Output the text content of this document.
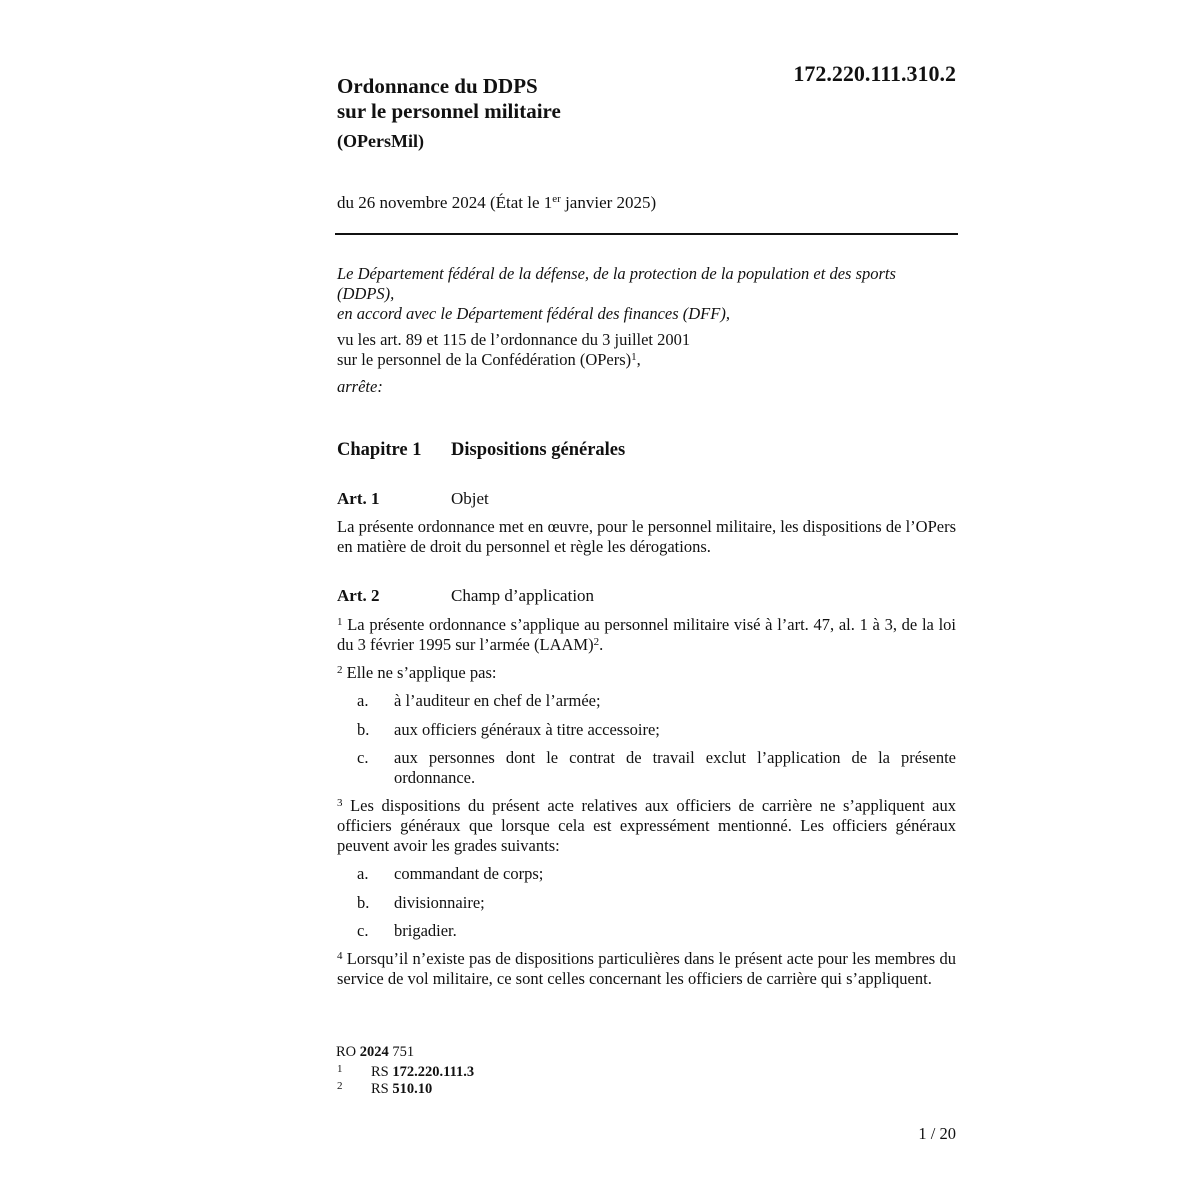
172.220.111.310.2
Ordonnance du DDPS
sur le personnel militaire
(OPersMil)
du 26 novembre 2024 (État le 1er janvier 2025)
Le Département fédéral de la défense, de la protection de la population et des sports (DDPS),
en accord avec le Département fédéral des finances (DFF),
vu les art. 89 et 115 de l’ordonnance du 3 juillet 2001
sur le personnel de la Confédération (OPers)$^1$,
arrête:
Chapitre 1 Dispositions générales
Art. 1	Objet
La présente ordonnance met en œuvre, pour le personnel militaire, les dispositions de l’OPers en matière de droit du personnel et règle les dérogations.
Art. 2	Champ d’application
$^1$ La présente ordonnance s’applique au personnel militaire visé à l’art. 47, al. 1 à 3, de la loi du 3 février 1995 sur l’armée (LAAM)$^2$.
$^2$ Elle ne s’applique pas:
a. à l’auditeur en chef de l’armée;
b. aux officiers généraux à titre accessoire;
c. aux personnes dont le contrat de travail exclut l’application de la présente ordonnance.
$^3$ Les dispositions du présent acte relatives aux officiers de carrière ne s’appliquent aux officiers généraux que lorsque cela est expressément mentionné. Les officiers généraux peuvent avoir les grades suivants:
a. commandant de corps;
b. divisionnaire;
c. brigadier.
$^4$ Lorsqu’il n’existe pas de dispositions particulières dans le présent acte pour les membres du service de vol militaire, ce sont celles concernant les officiers de carrière qui s’appliquent.
RO 2024 751
1 RS 172.220.111.3
2 RS 510.10
1 / 20
